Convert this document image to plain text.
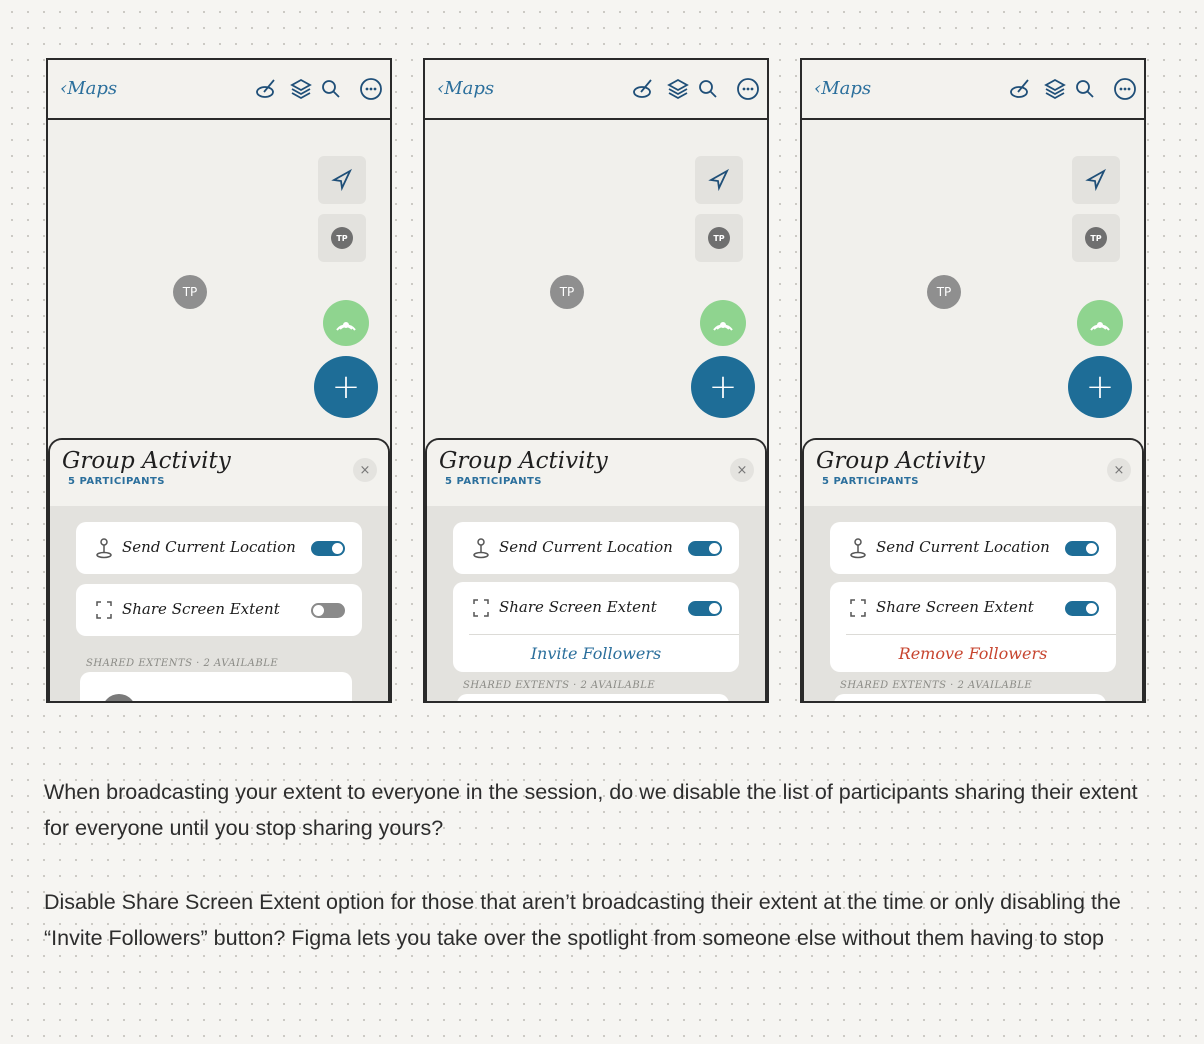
‹Maps
TP
TP
+
Group Activity
5 PARTICIPANTS
×
Send Current Location
Share Screen Extent
SHARED EXTENTS · 2 AVAILABLE
‹Maps
TP
TP
+
Group Activity
5 PARTICIPANTS
×
Send Current Location
Share Screen Extent
Invite Followers
SHARED EXTENTS · 2 AVAILABLE
‹Maps
TP
TP
+
Group Activity
5 PARTICIPANTS
×
Send Current Location
Share Screen Extent
Remove Followers
SHARED EXTENTS · 2 AVAILABLE

When broadcasting your extent to everyone in the session, do we disable the list of participants sharing their extent for everyone until you stop sharing yours?

Disable Share Screen Extent option for those that aren’t broadcasting their extent at the time or only disabling the “Invite Followers” button? Figma lets you take over the spotlight from someone else without them having to stop
